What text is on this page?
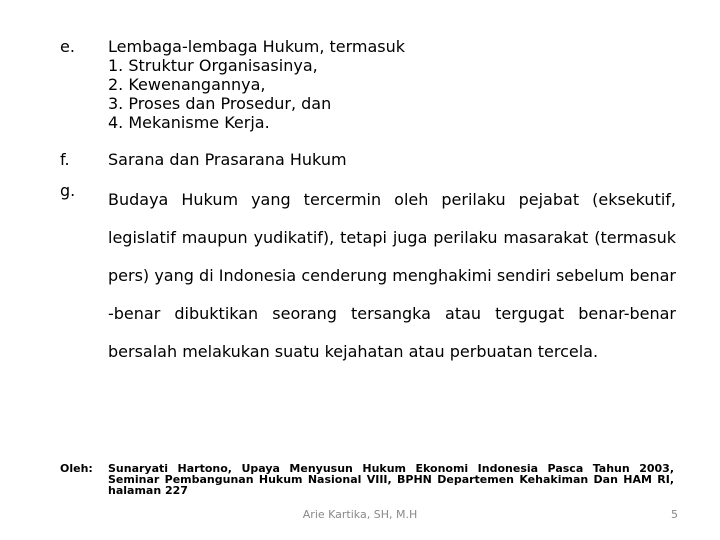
e. Lembaga-lembaga Hukum, termasuk
1. Struktur Organisasinya,
2. Kewenangannya,
3. Proses dan Prosedur, dan
4. Mekanisme Kerja.
f. Sarana dan Prasarana Hukum
g. Budaya Hukum yang tercermin oleh perilaku pejabat (eksekutif, legislatif maupun yudikatif), tetapi juga perilaku masarakat (termasuk pers) yang di Indonesia cenderung menghakimi sendiri sebelum benar -benar dibuktikan seorang tersangka atau tergugat benar-benar bersalah melakukan suatu kejahatan atau perbuatan tercela.
Oleh: Sunaryati Hartono, Upaya Menyusun Hukum Ekonomi Indonesia Pasca Tahun 2003, Seminar Pembangunan Hukum Nasional VIII, BPHN Departemen Kehakiman Dan HAM RI, halaman 227
Arie Kartika, SH, M.H	5
